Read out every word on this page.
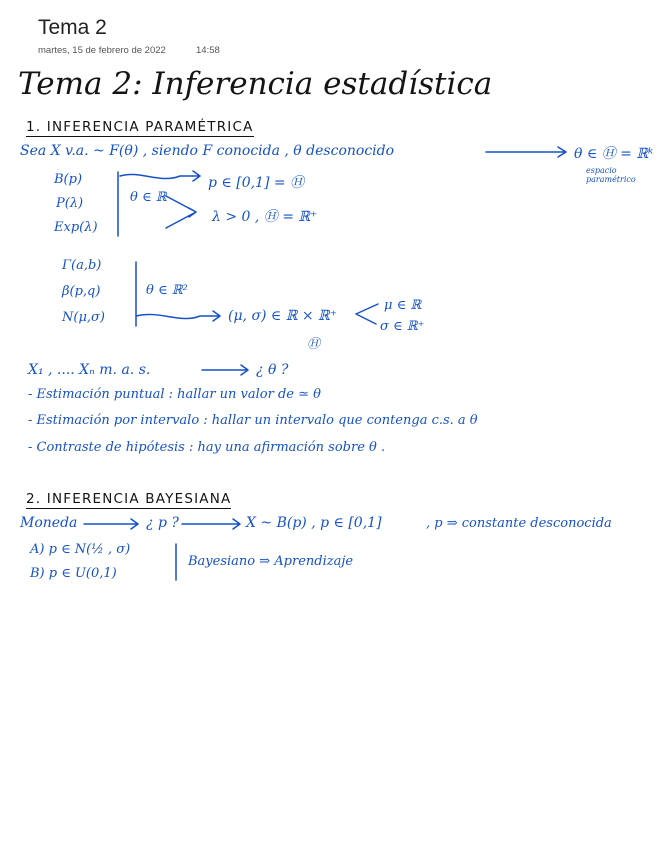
Tema 2
martes, 15 de febrero de 2022	14:58
Tema 2: Inferencia estadística
1. INFERENCIA PARAMÉTRICA
Sea X v.a. ~ F(θ) , siendo F conocida , θ desconocido	θ ∈ Ⓗ = ℝᵏ
espacio paramétrico
B(p)
P(λ)
Exp(λ)
θ ∈ ℝ
p ∈ [0,1] = Ⓗ
λ > 0 , Ⓗ = ℝ⁺
Γ(a,b)
β(p,q)
N(μ,σ)
θ ∈ ℝ²
(μ, σ) ∈ ℝ × ℝ⁺
Ⓗ
μ ∈ ℝ
σ ∈ ℝ⁺
X₁ , .... Xₙ m. a. s.	¿ θ ?
- Estimación puntual : hallar un valor de ≃ θ
- Estimación por intervalo : hallar un intervalo que contenga c.s. a θ
- Contraste de hipótesis : hay una afirmación sobre θ .
2. INFERENCIA BAYESIANA
Moneda	¿ p ?	X ~ B(p) , p ∈ [0,1]	, p ⇒ constante desconocida
A) p ∈ N(½ , σ)
B) p ∈ U(0,1)
Bayesiano ⇒ Aprendizaje
